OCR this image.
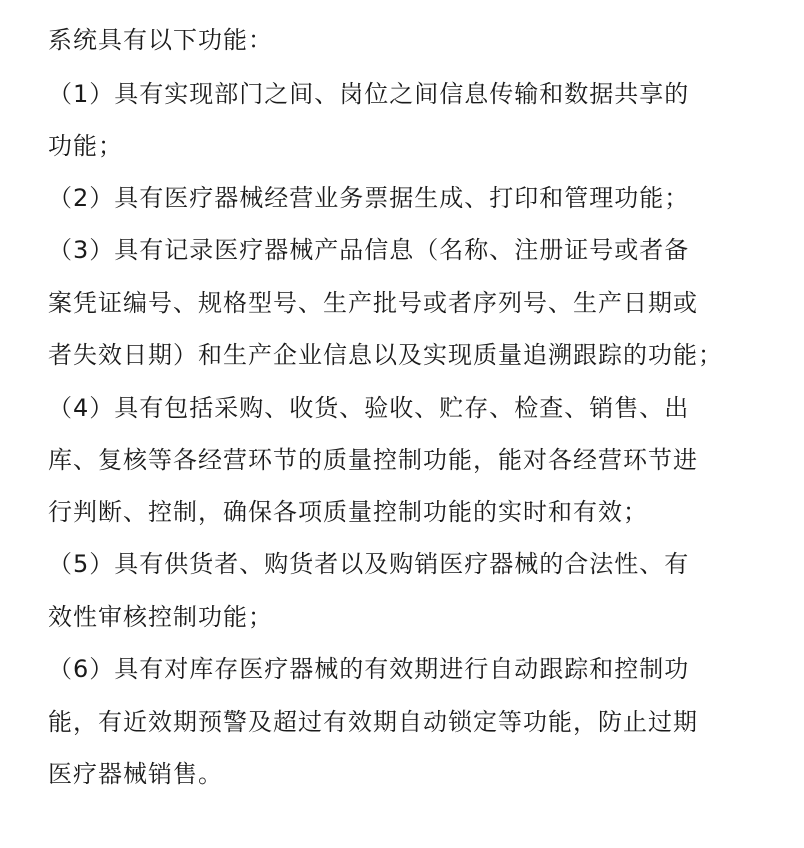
系统具有以下功能：
（1）具有实现部门之间、岗位之间信息传输和数据共享的
功能；
（2）具有医疗器械经营业务票据生成、打印和管理功能；
（3）具有记录医疗器械产品信息（名称、注册证号或者备
案凭证编号、规格型号、生产批号或者序列号、生产日期或
者失效日期）和生产企业信息以及实现质量追溯跟踪的功能；
（4）具有包括采购、收货、验收、贮存、检查、销售、出
库、复核等各经营环节的质量控制功能，能对各经营环节进
行判断、控制，确保各项质量控制功能的实时和有效；
（5）具有供货者、购货者以及购销医疗器械的合法性、有
效性审核控制功能；
（6）具有对库存医疗器械的有效期进行自动跟踪和控制功
能，有近效期预警及超过有效期自动锁定等功能，防止过期
医疗器械销售。
